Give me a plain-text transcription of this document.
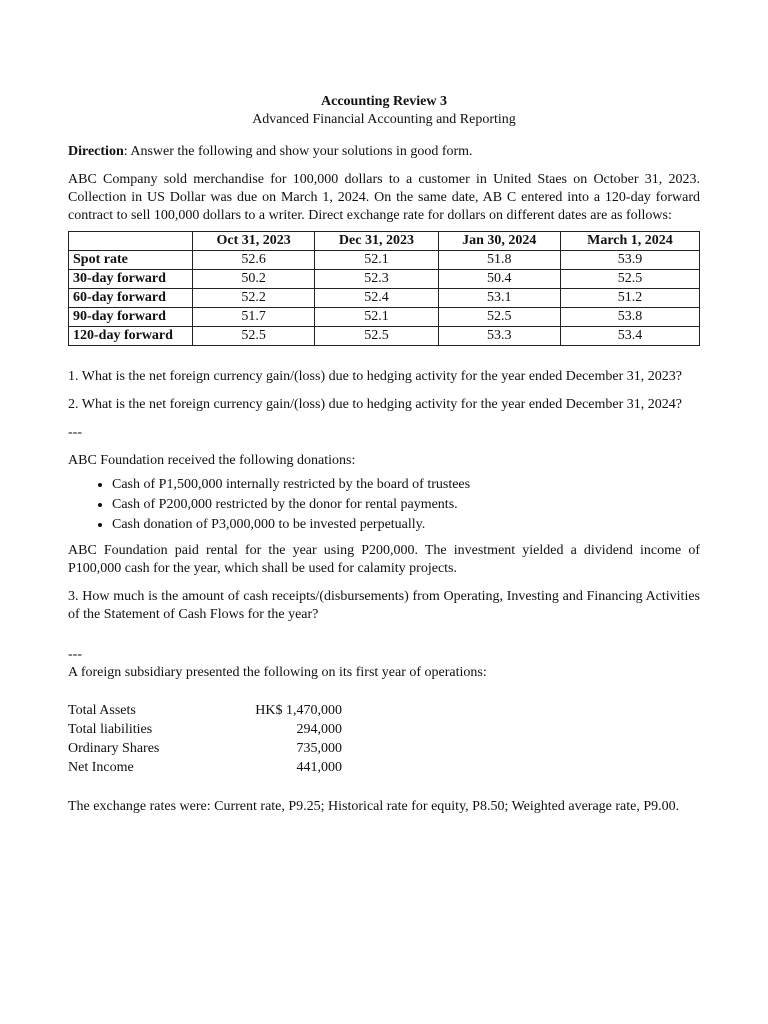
Accounting Review 3

Advanced Financial Accounting and Reporting

Direction: Answer the following and show your solutions in good form.

ABC Company sold merchandise for 100,000 dollars to a customer in United Staes on October 31, 2023. Collection in US Dollar was due on March 1, 2024. On the same date, AB C entered into a 120-day forward contract to sell 100,000 dollars to a writer. Direct exchange rate for dollars on different dates are as follows:

	Oct 31, 2023	Dec 31, 2023	Jan 30, 2024	March 1, 2024
Spot rate	52.6	52.1	51.8	53.9
30-day forward	50.2	52.3	50.4	52.5
60-day forward	52.2	52.4	53.1	51.2
90-day forward	51.7	52.1	52.5	53.8
120-day forward	52.5	52.5	53.3	53.4

1. What is the net foreign currency gain/(loss) due to hedging activity for the year ended December 31, 2023?

2. What is the net foreign currency gain/(loss) due to hedging activity for the year ended December 31, 2024?

---

ABC Foundation received the following donations:

• Cash of P1,500,000 internally restricted by the board of trustees
• Cash of P200,000 restricted by the donor for rental payments.
• Cash donation of P3,000,000 to be invested perpetually.

ABC Foundation paid rental for the year using P200,000. The investment yielded a dividend income of P100,000 cash for the year, which shall be used for calamity projects.

3. How much is the amount of cash receipts/(disbursements) from Operating, Investing and Financing Activities of the Statement of Cash Flows for the year?

---

A foreign subsidiary presented the following on its first year of operations:

Total Assets	HK$ 1,470,000
Total liabilities	294,000
Ordinary Shares	735,000
Net Income	441,000

The exchange rates were: Current rate, P9.25; Historical rate for equity, P8.50; Weighted average rate, P9.00.
